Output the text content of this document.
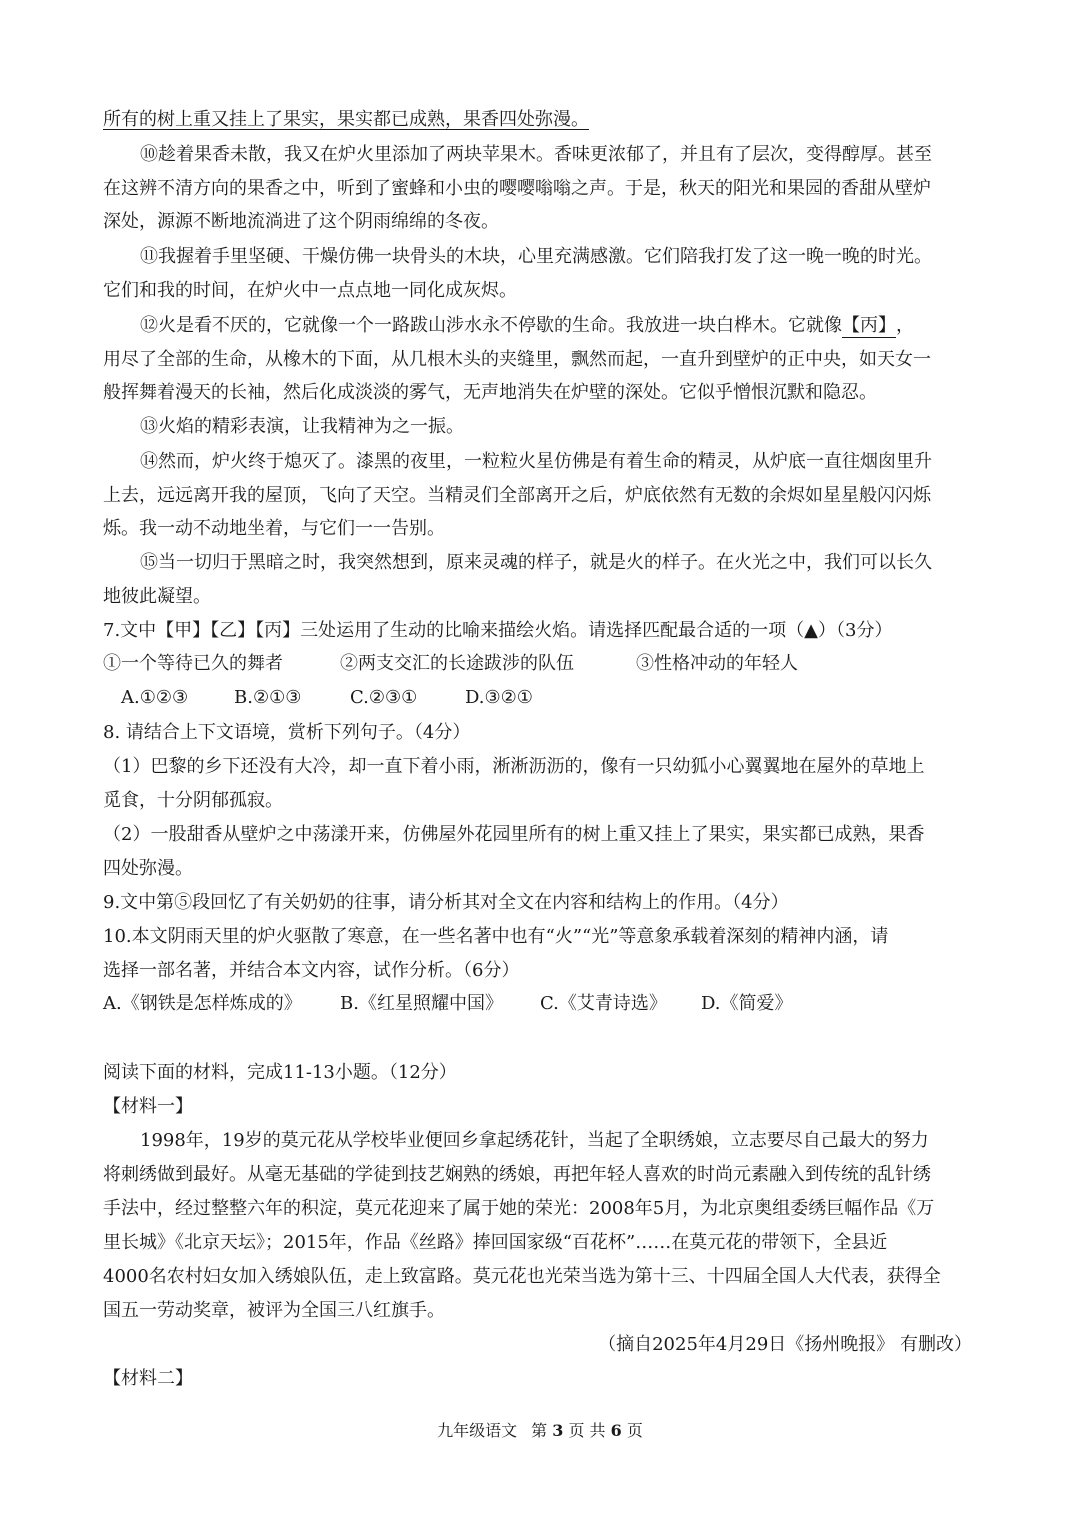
所有的树上重又挂上了果实，果实都已成熟，果香四处弥漫。
⑩趁着果香未散，我又在炉火里添加了两块苹果木。香味更浓郁了，并且有了层次，变得醇厚。甚至
在这辨不清方向的果香之中，听到了蜜蜂和小虫的嘤嘤嗡嗡之声。于是，秋天的阳光和果园的香甜从壁炉
深处，源源不断地流淌进了这个阴雨绵绵的冬夜。
⑪我握着手里坚硬、干燥仿佛一块骨头的木块，心里充满感激。它们陪我打发了这一晚一晚的时光。
它们和我的时间，在炉火中一点点地一同化成灰烬。
⑫火是看不厌的，它就像一个一路跋山涉水永不停歇的生命。我放进一块白桦木。它就像【丙】，
用尽了全部的生命，从橡木的下面，从几根木头的夹缝里，飘然而起，一直升到壁炉的正中央，如天女一
般挥舞着漫天的长袖，然后化成淡淡的雾气，无声地消失在炉壁的深处。它似乎憎恨沉默和隐忍。
⑬火焰的精彩表演，让我精神为之一振。
⑭然而，炉火终于熄灭了。漆黑的夜里，一粒粒火星仿佛是有着生命的精灵，从炉底一直往烟囱里升
上去，远远离开我的屋顶，飞向了天空。当精灵们全部离开之后，炉底依然有无数的余烬如星星般闪闪烁
烁。我一动不动地坐着，与它们一一告别。
⑮当一切归于黑暗之时，我突然想到，原来灵魂的样子，就是火的样子。在火光之中，我们可以长久
地彼此凝望。
7.文中【甲】【乙】【丙】三处运用了生动的比喻来描绘火焰。请选择匹配最合适的一项（▲）（3分）
①一个等待已久的舞者	②两支交汇的长途跋涉的队伍	③性格冲动的年轻人
A.①②③	B.②①③	C.②③①	D.③②①
8. 请结合上下文语境，赏析下列句子。（4分）
（1）巴黎的乡下还没有大冷，却一直下着小雨，淅淅沥沥的，像有一只幼狐小心翼翼地在屋外的草地上
觅食，十分阴郁孤寂。
（2）一股甜香从壁炉之中荡漾开来，仿佛屋外花园里所有的树上重又挂上了果实，果实都已成熟，果香
四处弥漫。
9.文中第⑤段回忆了有关奶奶的往事，请分析其对全文在内容和结构上的作用。（4分）
10.本文阴雨天里的炉火驱散了寒意，在一些名著中也有“火”“光”等意象承载着深刻的精神内涵，请
选择一部名著，并结合本文内容，试作分析。（6分）
A.《钢铁是怎样炼成的》 B.《红星照耀中国》 C.《艾青诗选》 D.《简爱》
阅读下面的材料，完成11-13小题。（12分）
【材料一】
1998年，19岁的莫元花从学校毕业便回乡拿起绣花针，当起了全职绣娘，立志要尽自己最大的努力
将刺绣做到最好。从毫无基础的学徒到技艺娴熟的绣娘，再把年轻人喜欢的时尚元素融入到传统的乱针绣
手法中，经过整整六年的积淀，莫元花迎来了属于她的荣光：2008年5月，为北京奥组委绣巨幅作品《万
里长城》《北京天坛》；2015年，作品《丝路》捧回国家级“百花杯”……在莫元花的带领下，全县近
4000名农村妇女加入绣娘队伍，走上致富路。莫元花也光荣当选为第十三、十四届全国人大代表，获得全
国五一劳动奖章，被评为全国三八红旗手。
（摘自2025年4月29日《扬州晚报》 有删改）
【材料二】
九年级语文 第 3 页 共 6 页
